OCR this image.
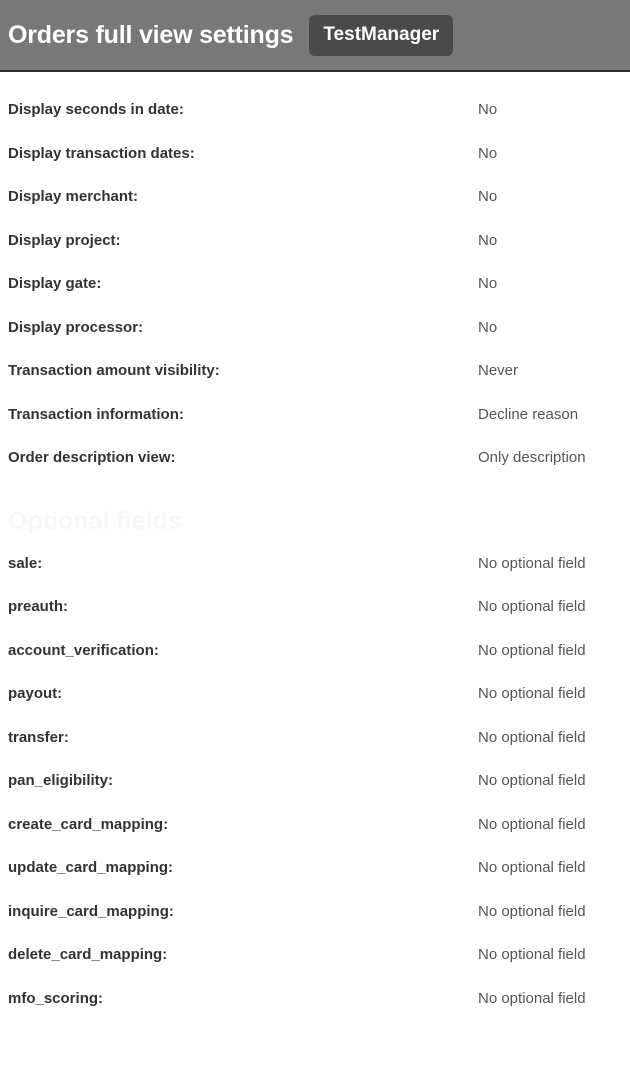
Orders full view settings	TestManager
Display seconds in date:	No
Display transaction dates:	No
Display merchant:	No
Display project:	No
Display gate:	No
Display processor:	No
Transaction amount visibility:	Never
Transaction information:	Decline reason
Order description view:	Only description
Optional fields
sale:	No optional field
preauth:	No optional field
account_verification:	No optional field
payout:	No optional field
transfer:	No optional field
pan_eligibility:	No optional field
create_card_mapping:	No optional field
update_card_mapping:	No optional field
inquire_card_mapping:	No optional field
delete_card_mapping:	No optional field
mfo_scoring:	No optional field
